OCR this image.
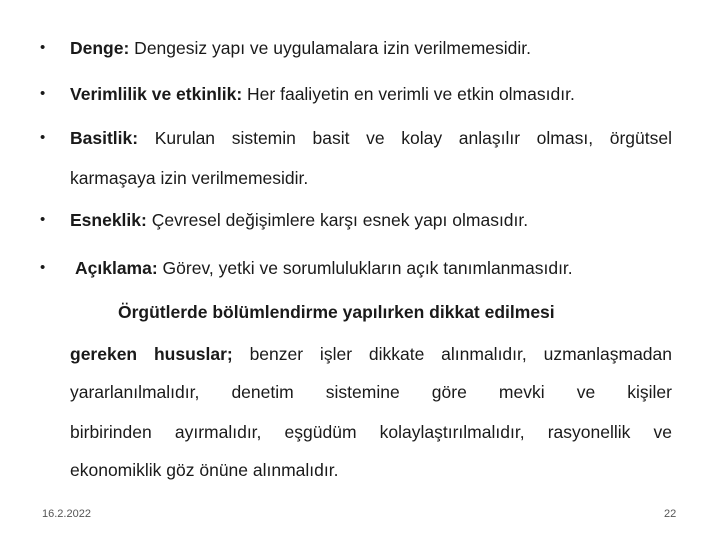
• Denge: Dengesiz yapı ve uygulamalara izin verilmemesidir.
• Verimlilik ve etkinlik: Her faaliyetin en verimli ve etkin olmasıdır.
• Basitlik: Kurulan sistemin basit ve kolay anlaşılır olması, örgütsel
karmaşaya izin verilmemesidir.
• Esneklik: Çevresel değişimlere karşı esnek yapı olmasıdır.
• Açıklama: Görev, yetki ve sorumlulukların açık tanımlanmasıdır.
Örgütlerde bölümlendirme yapılırken dikkat edilmesi
gereken hususlar; benzer işler dikkate alınmalıdır, uzmanlaşmadan
yararlanılmalıdır, denetim sistemine göre mevki ve kişiler
birbirinden ayırmalıdır, eşgüdüm kolaylaştırılmalıdır, rasyonellik ve
ekonomiklik göz önüne alınmalıdır.
16.2.2022	22
